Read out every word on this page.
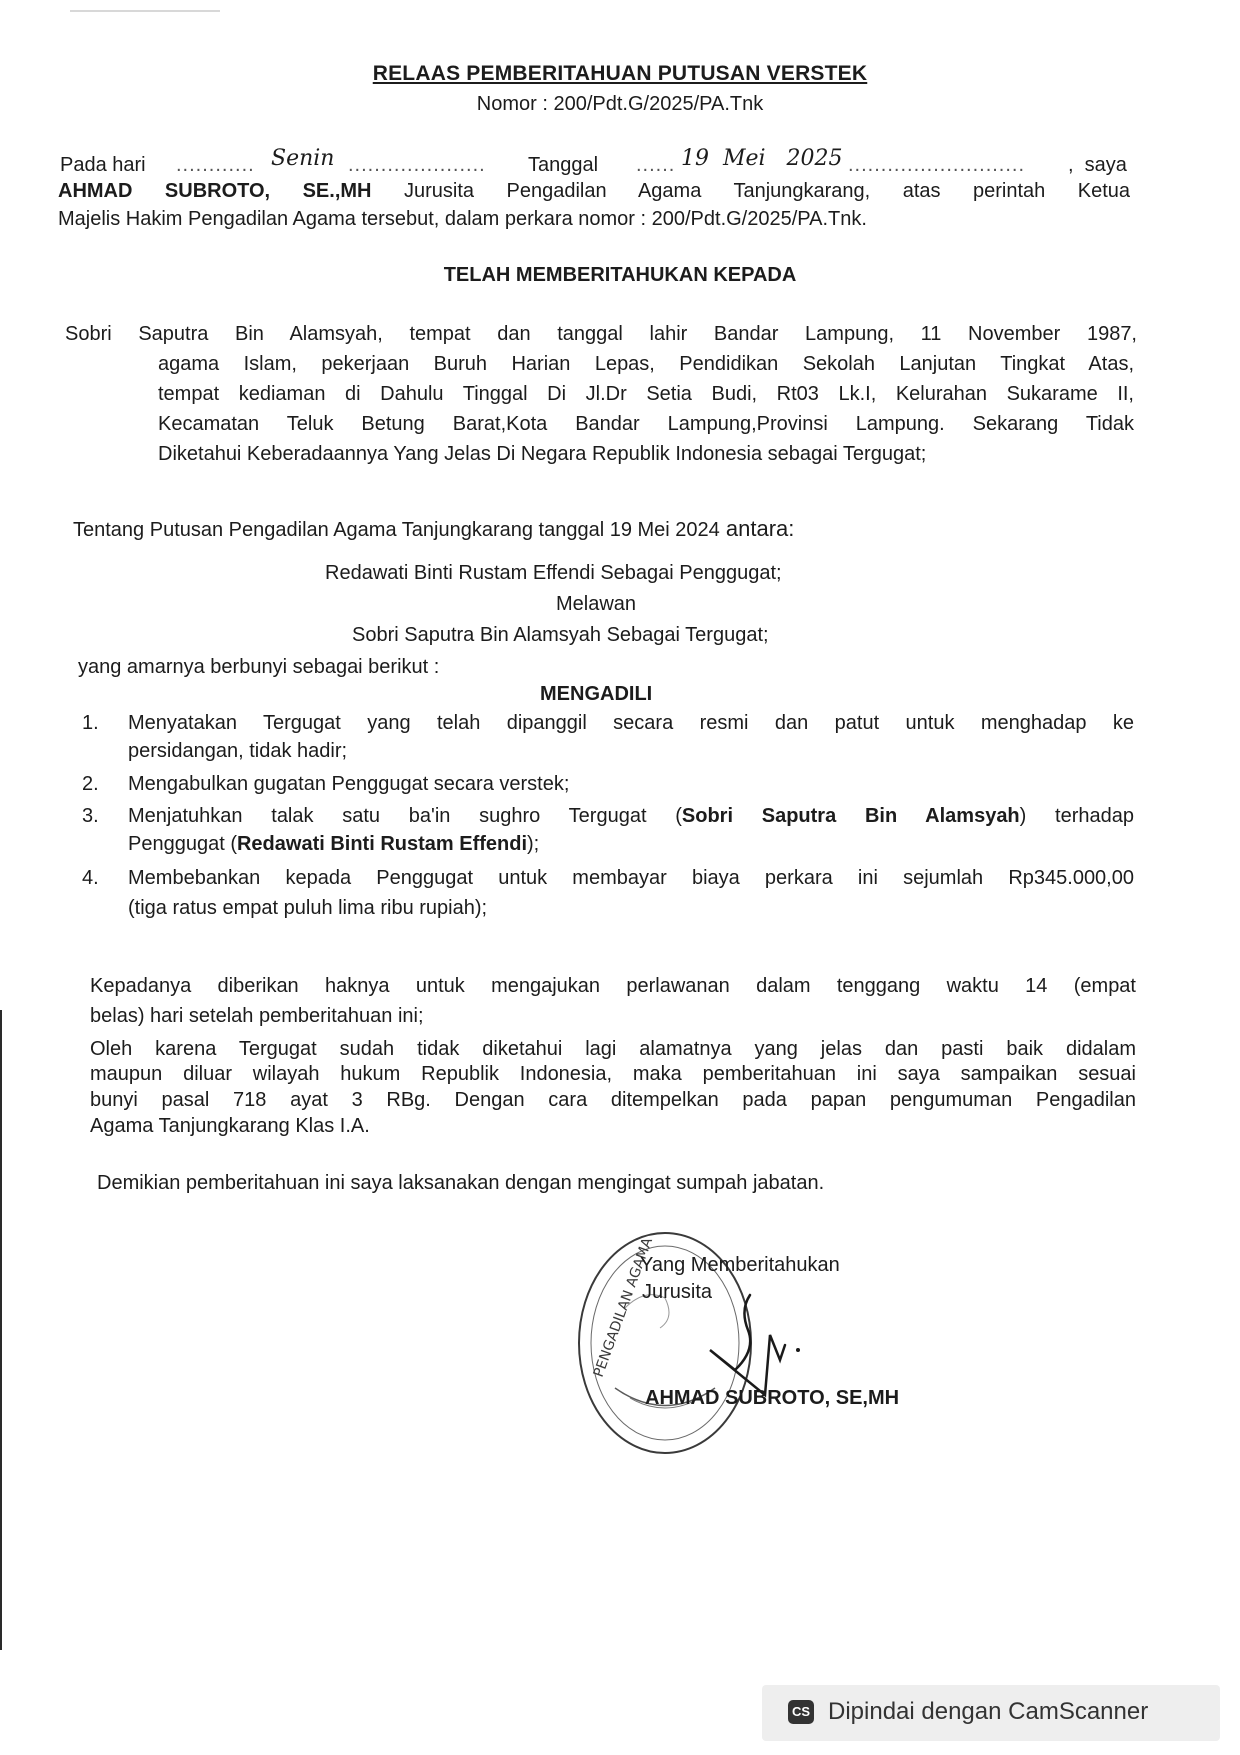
RELAAS PEMBERITAHUAN PUTUSAN VERSTEK
Nomor : 200/Pdt.G/2025/PA.Tnk
Pada hari ............ Senin ..................... Tanggal ...... 19  Mei   2025 ........................... ,  saya
AHMAD SUBROTO, SE.,MH Jurusita Pengadilan Agama Tanjungkarang, atas perintah Ketua
Majelis Hakim Pengadilan Agama tersebut, dalam perkara nomor : 200/Pdt.G/2025/PA.Tnk.
TELAH MEMBERITAHUKAN KEPADA
Sobri Saputra Bin Alamsyah, tempat dan tanggal lahir Bandar Lampung, 11 November 1987,
agama Islam, pekerjaan Buruh Harian Lepas, Pendidikan Sekolah Lanjutan Tingkat Atas,
tempat kediaman di Dahulu Tinggal Di Jl.Dr Setia Budi, Rt03 Lk.I, Kelurahan Sukarame II,
Kecamatan Teluk Betung Barat,Kota Bandar Lampung,Provinsi Lampung. Sekarang Tidak
Diketahui Keberadaannya Yang Jelas Di Negara Republik Indonesia sebagai Tergugat;
Tentang Putusan Pengadilan Agama Tanjungkarang tanggal 19 Mei 2024 antara:
Redawati Binti Rustam Effendi Sebagai Penggugat;
Melawan
Sobri Saputra Bin Alamsyah Sebagai Tergugat;
yang amarnya berbunyi sebagai berikut :
MENGADILI
1.	Menyatakan Tergugat yang telah dipanggil secara resmi dan patut untuk menghadap ke
persidangan, tidak hadir;
2.	Mengabulkan gugatan Penggugat secara verstek;
3.	Menjatuhkan talak satu ba'in sughro Tergugat (Sobri Saputra Bin Alamsyah) terhadap
Penggugat (Redawati Binti Rustam Effendi);
4.	Membebankan kepada Penggugat untuk membayar biaya perkara ini sejumlah Rp345.000,00
(tiga ratus empat puluh lima ribu rupiah);
Kepadanya diberikan haknya untuk mengajukan perlawanan dalam tenggang waktu 14 (empat
belas) hari setelah pemberitahuan ini;
Oleh karena Tergugat sudah tidak diketahui lagi alamatnya yang jelas dan pasti baik didalam
maupun diluar wilayah hukum Republik Indonesia, maka pemberitahuan ini saya sampaikan sesuai
bunyi pasal 718 ayat 3 RBg. Dengan cara ditempelkan pada papan pengumuman Pengadilan
Agama Tanjungkarang Klas I.A.
Demikian pemberitahuan ini saya laksanakan dengan mengingat sumpah jabatan.
PENGADILAN AGAMA
Yang Memberitahukan
Jurusita
AHMAD SUBROTO, SE,MH
CS Dipindai dengan CamScanner
